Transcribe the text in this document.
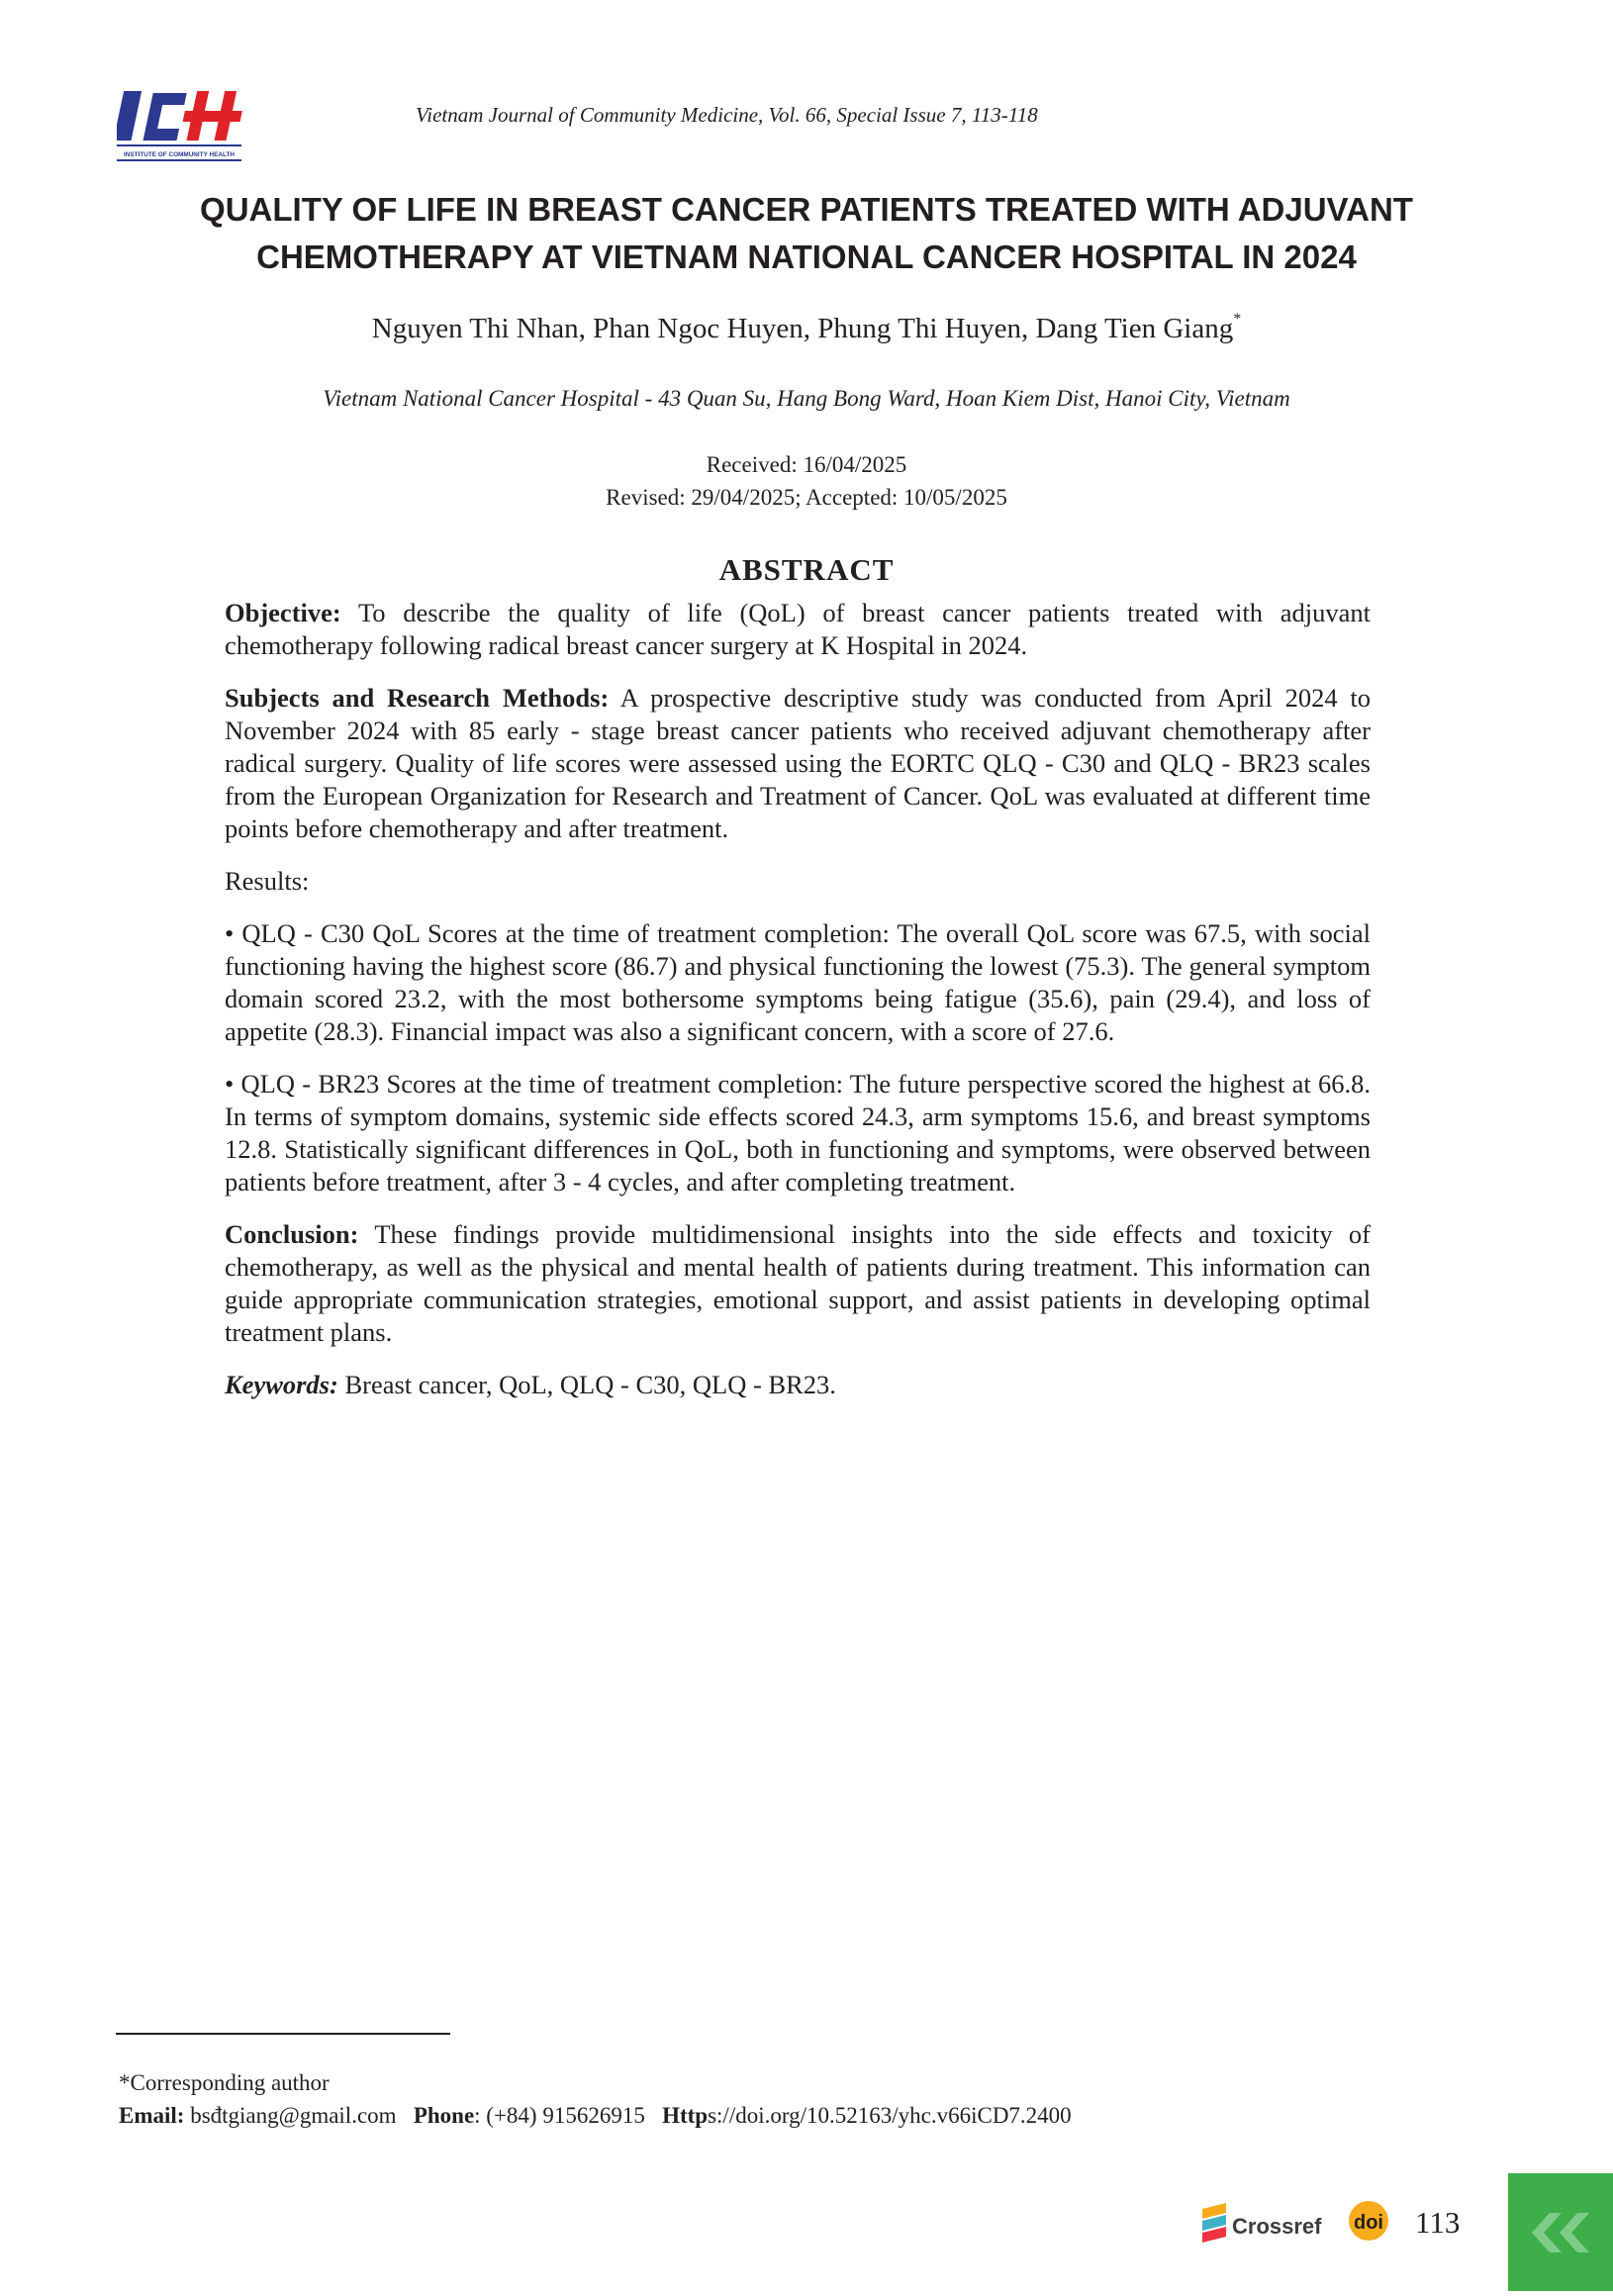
INSTITUTE OF COMMUNITY HEALTH
Vietnam Journal of Community Medicine, Vol. 66, Special Issue 7, 113-118
QUALITY OF LIFE IN BREAST CANCER PATIENTS TREATED WITH ADJUVANT
CHEMOTHERAPY AT VIETNAM NATIONAL CANCER HOSPITAL IN 2024
Nguyen Thi Nhan, Phan Ngoc Huyen, Phung Thi Huyen, Dang Tien Giang*
Vietnam National Cancer Hospital - 43 Quan Su, Hang Bong Ward, Hoan Kiem Dist, Hanoi City, Vietnam
Received: 16/04/2025
Revised: 29/04/2025; Accepted: 10/05/2025
ABSTRACT

Objective: To describe the quality of life (QoL) of breast cancer patients treated with adjuvant chemotherapy following radical breast cancer surgery at K Hospital in 2024.

Subjects and Research Methods: A prospective descriptive study was conducted from April 2024 to November 2024 with 85 early - stage breast cancer patients who received adjuvant chemotherapy after radical surgery. Quality of life scores were assessed using the EORTC QLQ - C30 and QLQ - BR23 scales from the European Organization for Research and Treatment of Cancer. QoL was evaluated at different time points before chemotherapy and after treatment.

Results:

• QLQ - C30 QoL Scores at the time of treatment completion: The overall QoL score was 67.5, with social functioning having the highest score (86.7) and physical functioning the lowest (75.3). The general symptom domain scored 23.2, with the most bothersome symptoms being fatigue (35.6), pain (29.4), and loss of appetite (28.3). Financial impact was also a significant concern, with a score of 27.6.

• QLQ - BR23 Scores at the time of treatment completion: The future perspective scored the highest at 66.8. In terms of symptom domains, systemic side effects scored 24.3, arm symptoms 15.6, and breast symptoms 12.8. Statistically significant differences in QoL, both in functioning and symptoms, were observed between patients before treatment, after 3 - 4 cycles, and after completing treatment.

Conclusion: These findings provide multidimensional insights into the side effects and toxicity of chemotherapy, as well as the physical and mental health of patients during treatment. This information can guide appropriate communication strategies, emotional support, and assist patients in developing optimal treatment plans.

Keywords: Breast cancer, QoL, QLQ - C30, QLQ - BR23.

*Corresponding author
Email: bsđtgiang@gmail.com Phone: (+84) 915626915 Https://doi.org/10.52163/yhc.v66iCD7.2400
Crossref doi 113
